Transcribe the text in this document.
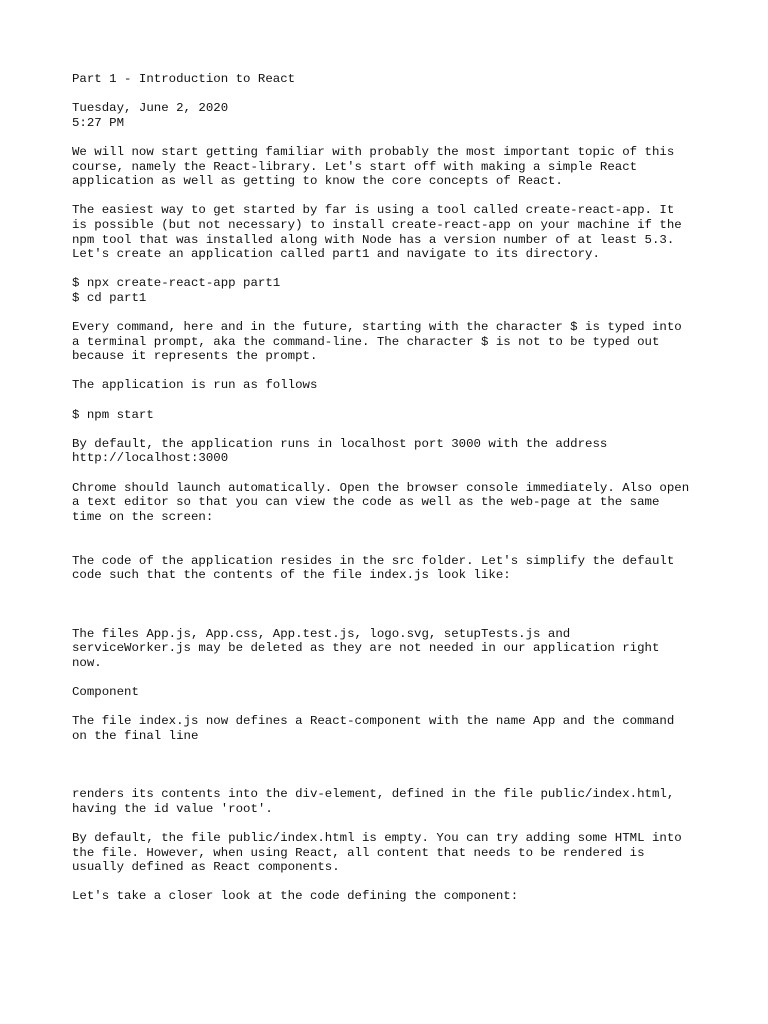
Part 1 - Introduction to React
Tuesday, June 2, 2020
5:27 PM
We will now start getting familiar with probably the most important topic of this
course, namely the React-library. Let's start off with making a simple React
application as well as getting to know the core concepts of React.
The easiest way to get started by far is using a tool called create-react-app. It
is possible (but not necessary) to install create-react-app on your machine if the
npm tool that was installed along with Node has a version number of at least 5.3.
Let's create an application called part1 and navigate to its directory.
$ npx create-react-app part1
$ cd part1
Every command, here and in the future, starting with the character $ is typed into
a terminal prompt, aka the command-line. The character $ is not to be typed out
because it represents the prompt.
The application is run as follows
$ npm start
By default, the application runs in localhost port 3000 with the address
http://localhost:3000
Chrome should launch automatically. Open the browser console immediately. Also open
a text editor so that you can view the code as well as the web-page at the same
time on the screen:
The code of the application resides in the src folder. Let's simplify the default
code such that the contents of the file index.js look like:
The files App.js, App.css, App.test.js, logo.svg, setupTests.js and
serviceWorker.js may be deleted as they are not needed in our application right
now.
Component
The file index.js now defines a React-component with the name App and the command
on the final line
renders its contents into the div-element, defined in the file public/index.html,
having the id value 'root'.
By default, the file public/index.html is empty. You can try adding some HTML into
the file. However, when using React, all content that needs to be rendered is
usually defined as React components.
Let's take a closer look at the code defining the component:
